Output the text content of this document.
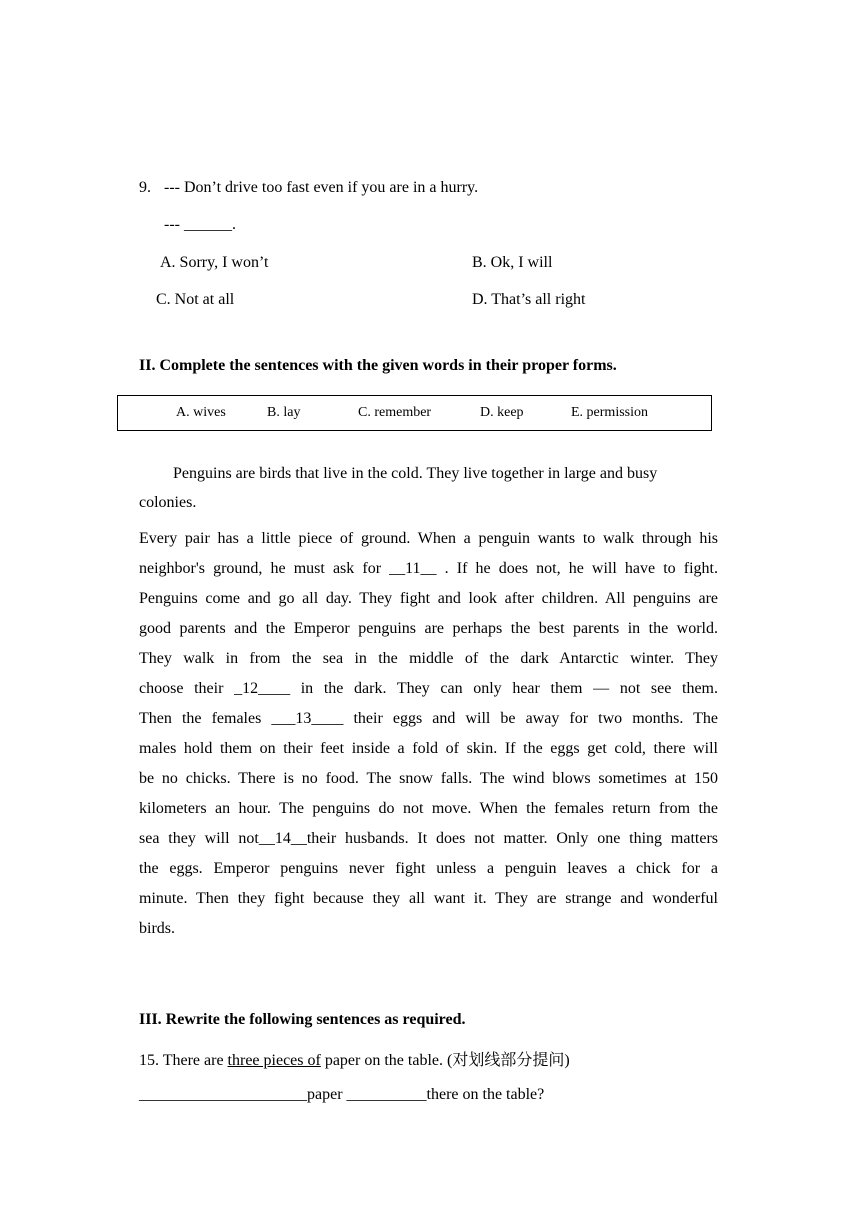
9. --- Don’t drive too fast even if you are in a hurry.
--- ______.
A. Sorry, I won’t	B. Ok, I will
C. Not at all	D. That’s all right
II. Complete the sentences with the given words in their proper forms.
A. wives	B. lay	C. remember	D. keep	E. permission
Penguins are birds that live in the cold. They live together in large and busy
colonies.
Every pair has a little piece of ground. When a penguin wants to walk through his
neighbor's ground, he must ask for __11__ . If he does not, he will have to fight.
Penguins come and go all day. They fight and look after children. All penguins are
good parents and the Emperor penguins are perhaps the best parents in the world.
They walk in from the sea in the middle of the dark Antarctic winter. They
choose their _12____ in the dark. They can only hear them — not see them.
Then the females ___13____ their eggs and will be away for two months. The
males hold them on their feet inside a fold of skin. If the eggs get cold, there will
be no chicks. There is no food. The snow falls. The wind blows sometimes at 150
kilometers an hour. The penguins do not move. When the females return from the
sea they will not__14__their husbands. It does not matter. Only one thing matters
the eggs. Emperor penguins never fight unless a penguin leaves a chick for a
minute. Then they fight because they all want it. They are strange and wonderful
birds.
III. Rewrite the following sentences as required.
15. There are three pieces of paper on the table. (对划线部分提问)
_____________________paper __________there on the table?
